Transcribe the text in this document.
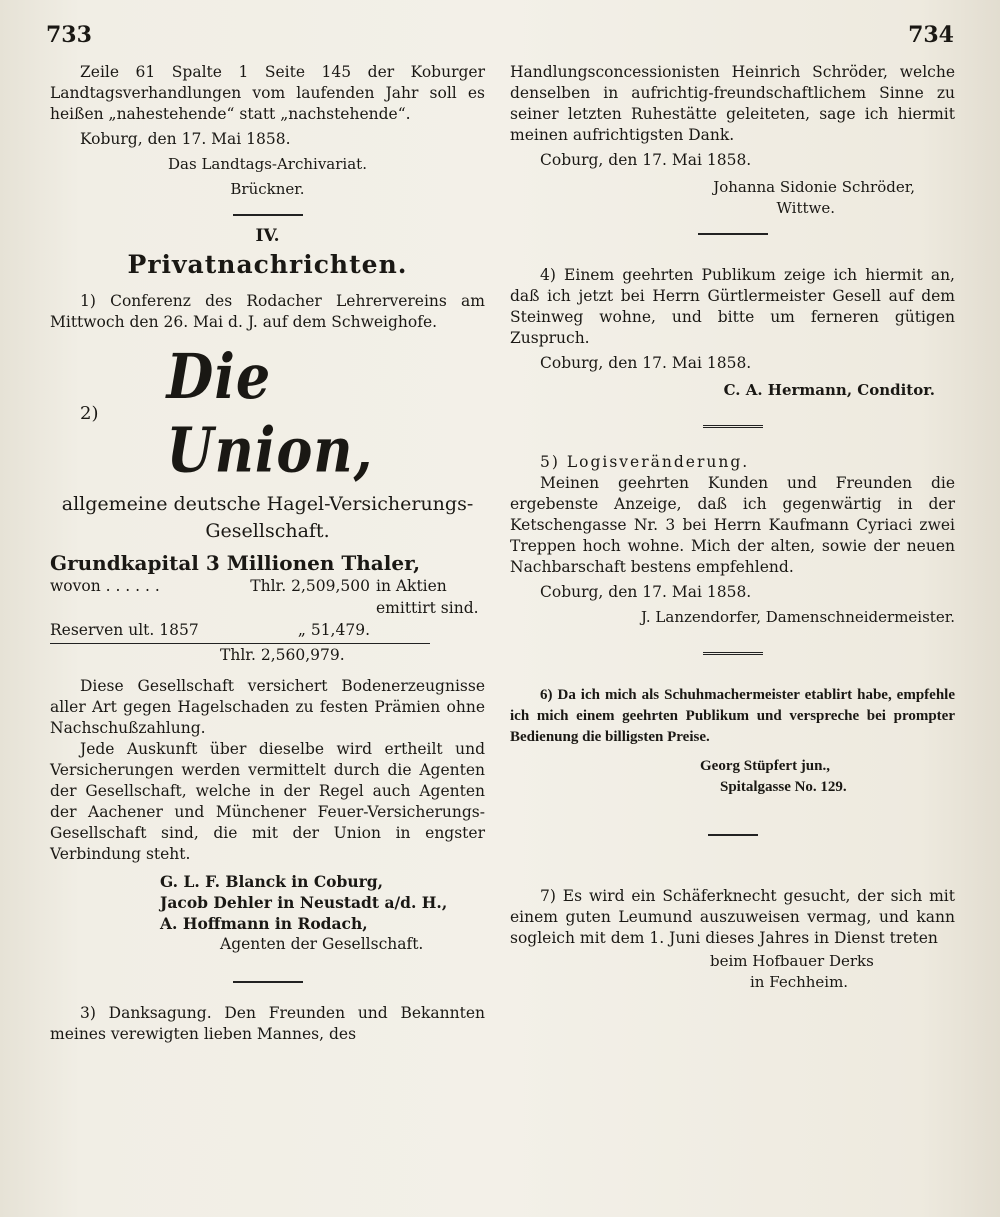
733	734

Zeile 61 Spalte 1 Seite 145 der Koburger Landtagsverhandlungen vom laufenden Jahr soll es heißen „nahestehende“ statt „nachstehende“.

Koburg, den 17. Mai 1858.

Das Landtags-Archivariat.

Brückner.

IV.

Privatnachrichten.

1) Conferenz des Rodacher Lehrervereins am Mittwoch den 26. Mai d. J. auf dem Schweighofe.

2)	Die Union,

allgemeine deutsche Hagel-Versicherungs-

Gesellschaft.

Grundkapital 3 Millionen Thaler,

wovon . . . . . .	Thlr. 2,509,500 in Aktien emittirt sind.
Reserven ult. 1857	„ 51,479.
Thlr. 2,560,979.

Diese Gesellschaft versichert Bodenerzeugnisse aller Art gegen Hagelschaden zu festen Prämien ohne Nachschußzahlung.

Jede Auskunft über dieselbe wird ertheilt und Versicherungen werden vermittelt durch die Agenten der Gesellschaft, welche in der Regel auch Agenten der Aachener und Münchener Feuer-Versicherungs-Gesellschaft sind, die mit der Union in engster Verbindung steht.

G. L. F. Blanck in Coburg,

Jacob Dehler in Neustadt a/d. H.,

A. Hoffmann in Rodach,

Agenten der Gesellschaft.

3) Danksagung. Den Freunden und Bekannten meines verewigten lieben Mannes, des

Handlungsconcessionisten Heinrich Schröder, welche denselben in aufrichtig-freundschaftlichem Sinne zu seiner letzten Ruhestätte geleiteten, sage ich hiermit meinen aufrichtigsten Dank.

Coburg, den 17. Mai 1858.

Johanna Sidonie Schröder,

Wittwe.

4) Einem geehrten Publikum zeige ich hiermit an, daß ich jetzt bei Herrn Gürtlermeister Gesell auf dem Steinweg wohne, und bitte um ferneren gütigen Zuspruch.

Coburg, den 17. Mai 1858.

C. A. Hermann, Conditor.

5) Logisveränderung.

Meinen geehrten Kunden und Freunden die ergebenste Anzeige, daß ich gegenwärtig in der Ketschengasse Nr. 3 bei Herrn Kaufmann Cyriaci zwei Treppen hoch wohne. Mich der alten, sowie der neuen Nachbarschaft bestens empfehlend.

Coburg, den 17. Mai 1858.

J. Lanzendorfer, Damenschneidermeister.

6) Da ich mich als Schuhmachermeister etablirt habe, empfehle ich mich einem geehrten Publikum und verspreche bei prompter Bedienung die billigsten Preise.

Georg Stüpfert jun.,

Spitalgasse No. 129.

7) Es wird ein Schäferknecht gesucht, der sich mit einem guten Leumund auszuweisen vermag, und kann sogleich mit dem 1. Juni dieses Jahres in Dienst treten

beim Hofbauer Derks

in Fechheim.
